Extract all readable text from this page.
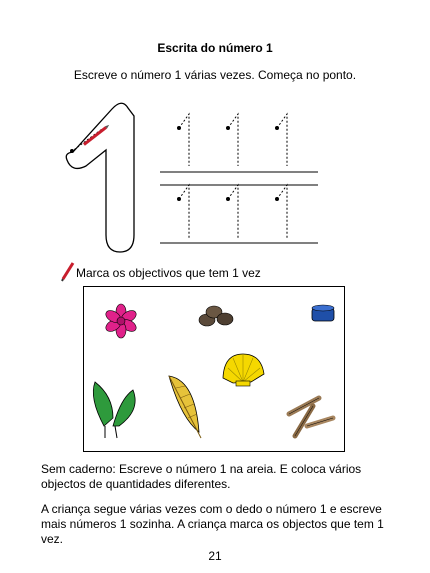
Escrita do número 1
Escreve o número 1 várias vezes. Começa no ponto.
Marca os objectivos que tem 1 vez
Sem caderno: Escreve o número 1 na areia. E coloca vários objectos de quantidades diferentes.
A criança segue várias vezes com o dedo o número 1 e escreve mais números 1 sozinha. A criança marca os objectos que tem 1 vez.
21
